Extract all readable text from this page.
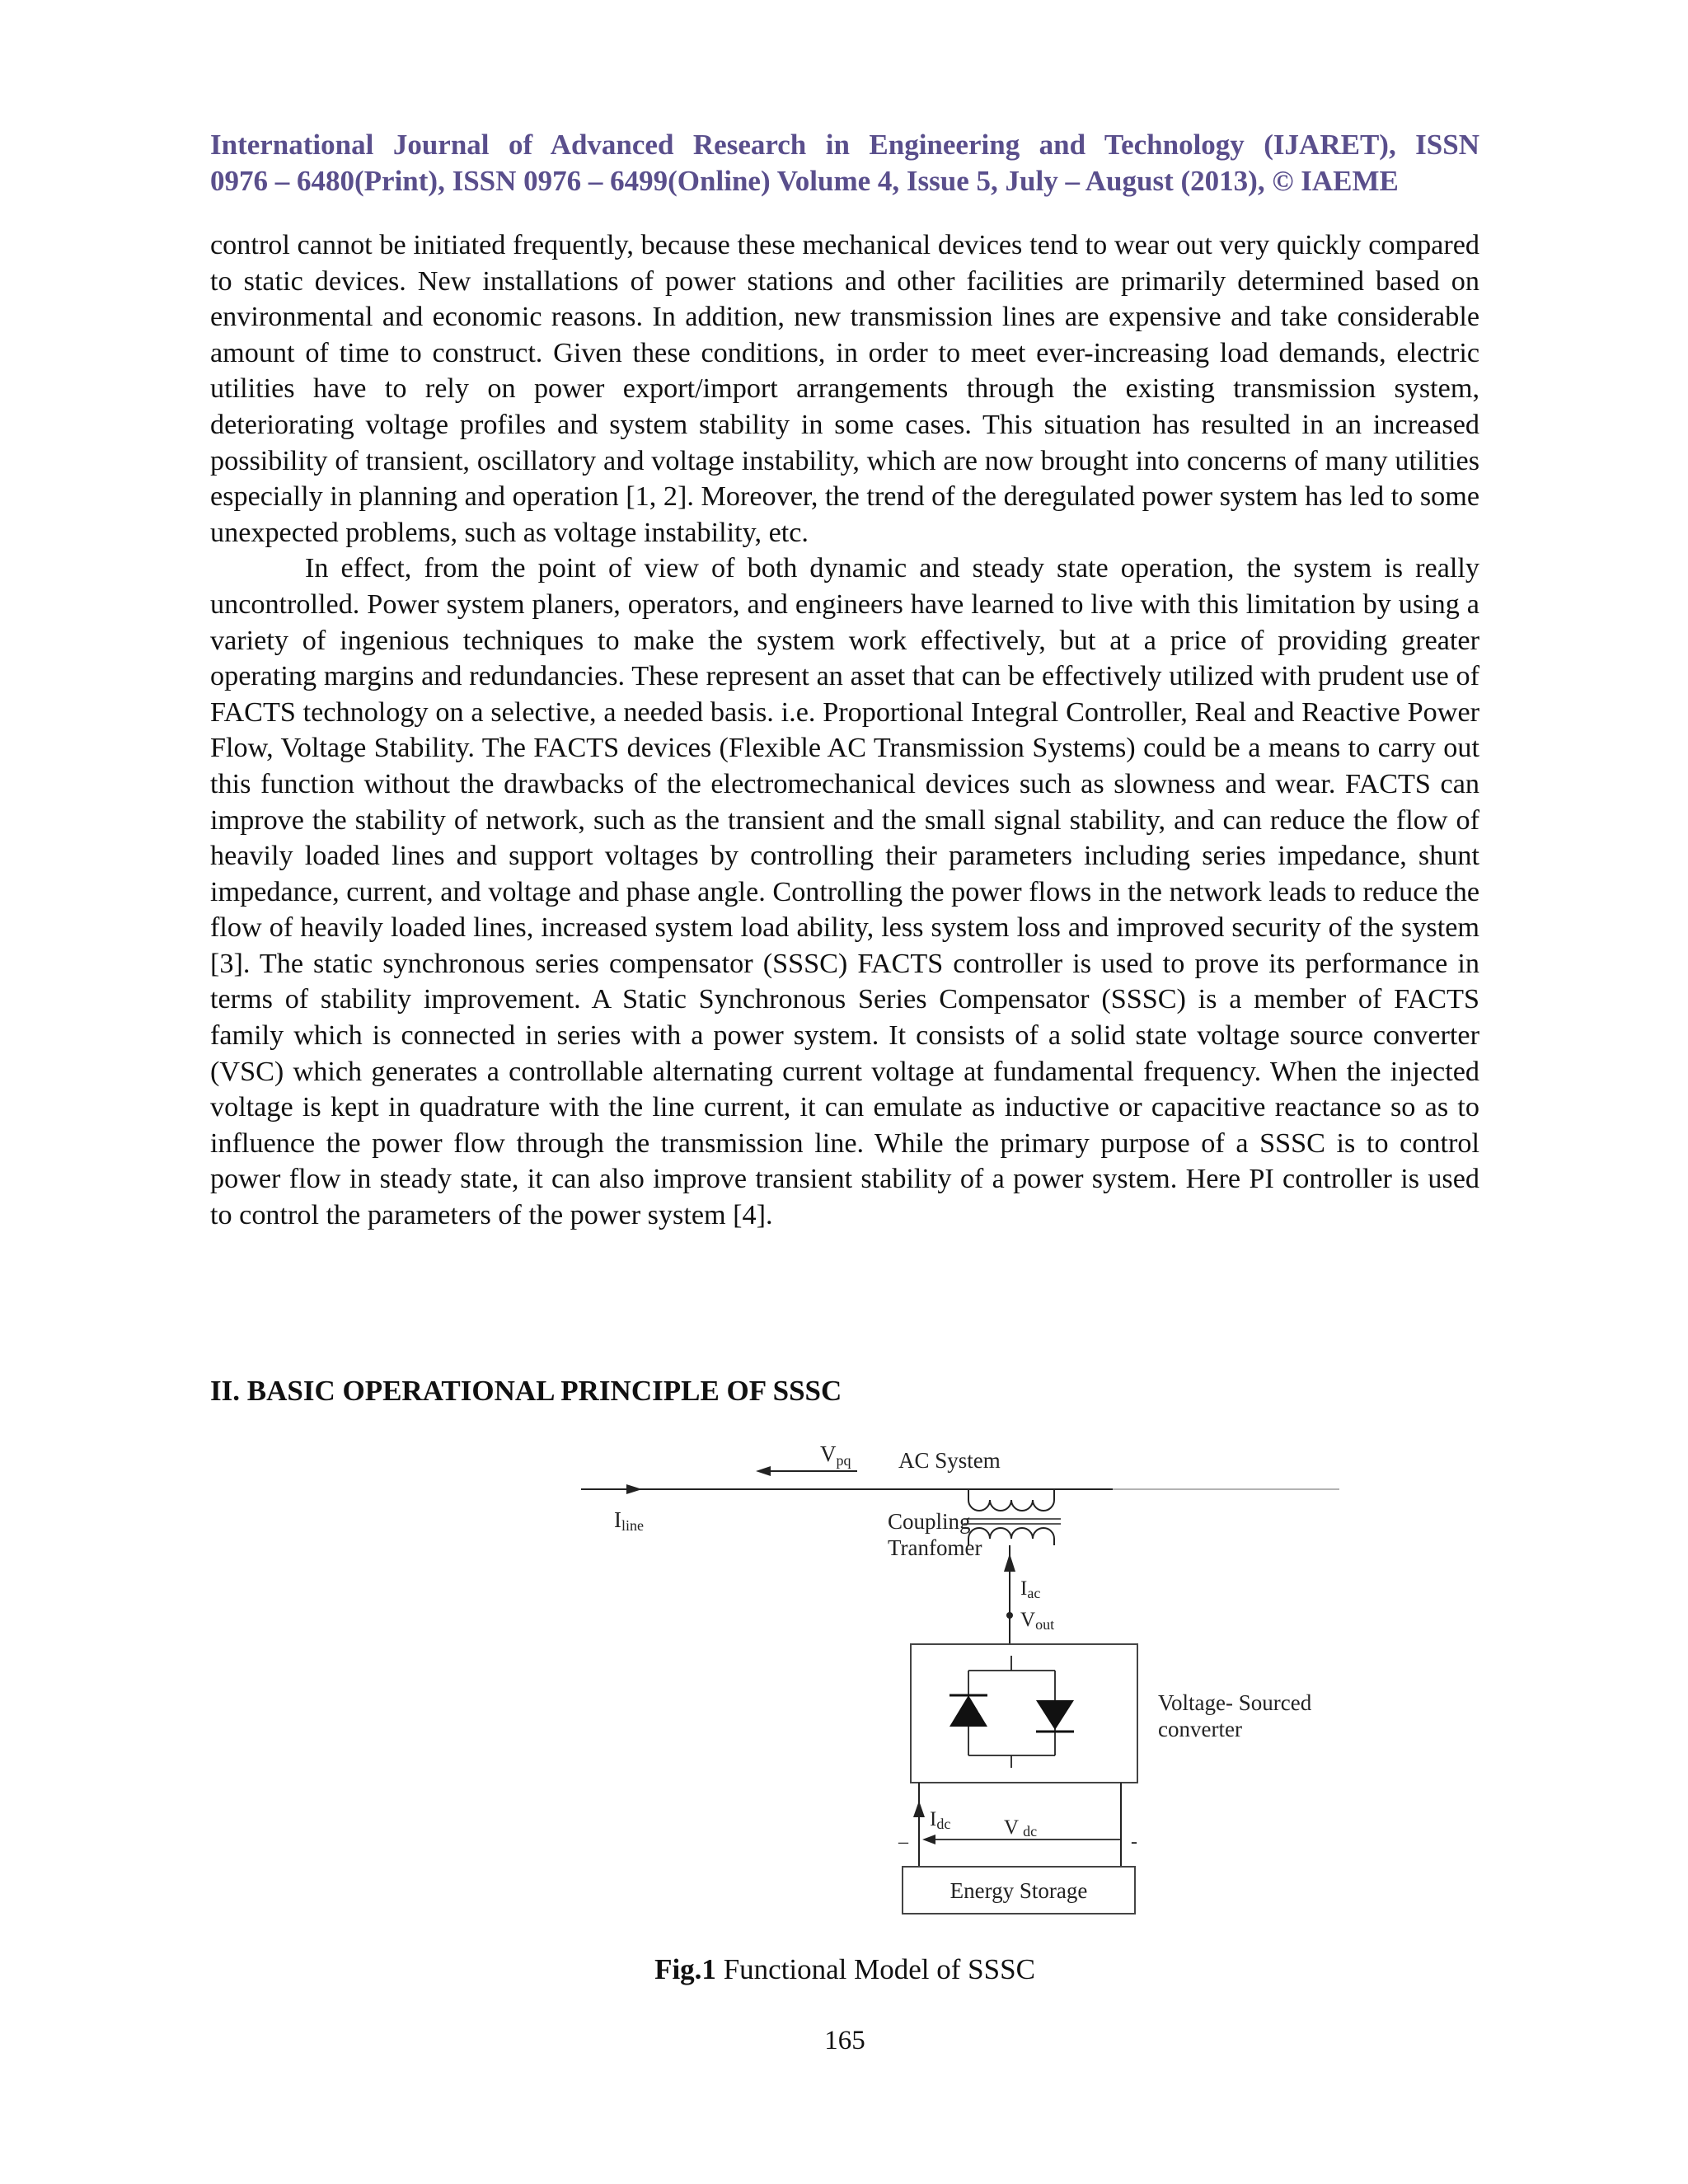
International Journal of Advanced Research in Engineering and Technology (IJARET), ISSN
0976 – 6480(Print), ISSN 0976 – 6499(Online) Volume 4, Issue 5, July – August (2013), © IAEME

control cannot be initiated frequently, because these mechanical devices tend to wear out very quickly compared to static devices. New installations of power stations and other facilities are primarily determined based on environmental and economic reasons. In addition, new transmission lines are expensive and take considerable amount of time to construct. Given these conditions, in order to meet ever-increasing load demands, electric utilities have to rely on power export/import arrangements through the existing transmission system, deteriorating voltage profiles and system stability in some cases. This situation has resulted in an increased possibility of transient, oscillatory and voltage instability, which are now brought into concerns of many utilities especially in planning and operation [1, 2]. Moreover, the trend of the deregulated power system has led to some unexpected problems, such as voltage instability, etc.

In effect, from the point of view of both dynamic and steady state operation, the system is really uncontrolled. Power system planers, operators, and engineers have learned to live with this limitation by using a variety of ingenious techniques to make the system work effectively, but at a price of providing greater operating margins and redundancies. These represent an asset that can be effectively utilized with prudent use of FACTS technology on a selective, a needed basis. i.e. Proportional Integral Controller, Real and Reactive Power Flow, Voltage Stability. The FACTS devices (Flexible AC Transmission Systems) could be a means to carry out this function without the drawbacks of the electromechanical devices such as slowness and wear. FACTS can improve the stability of network, such as the transient and the small signal stability, and can reduce the flow of heavily loaded lines and support voltages by controlling their parameters including series impedance, shunt impedance, current, and voltage and phase angle. Controlling the power flows in the network leads to reduce the flow of heavily loaded lines, increased system load ability, less system loss and improved security of the system [3]. The static synchronous series compensator (SSSC) FACTS controller is used to prove its performance in terms of stability improvement. A Static Synchronous Series Compensator (SSSC) is a member of FACTS family which is connected in series with a power system. It consists of a solid state voltage source converter (VSC) which generates a controllable alternating current voltage at fundamental frequency. When the injected voltage is kept in quadrature with the line current, it can emulate as inductive or capacitive reactance so as to influence the power flow through the transmission line. While the primary purpose of a SSSC is to control power flow in steady state, it can also improve transient stability of a power system. Here PI controller is used to control the parameters of the power system [4].

II. BASIC OPERATIONAL PRINCIPLE OF SSSC
Vpq AC System
Iline	Coupling
Tranfomer
Iac
Vout
Voltage- Sourced
converter
+
Idc	V dc
–	-
Energy Storage
Fig.1 Functional Model of SSSC
165
